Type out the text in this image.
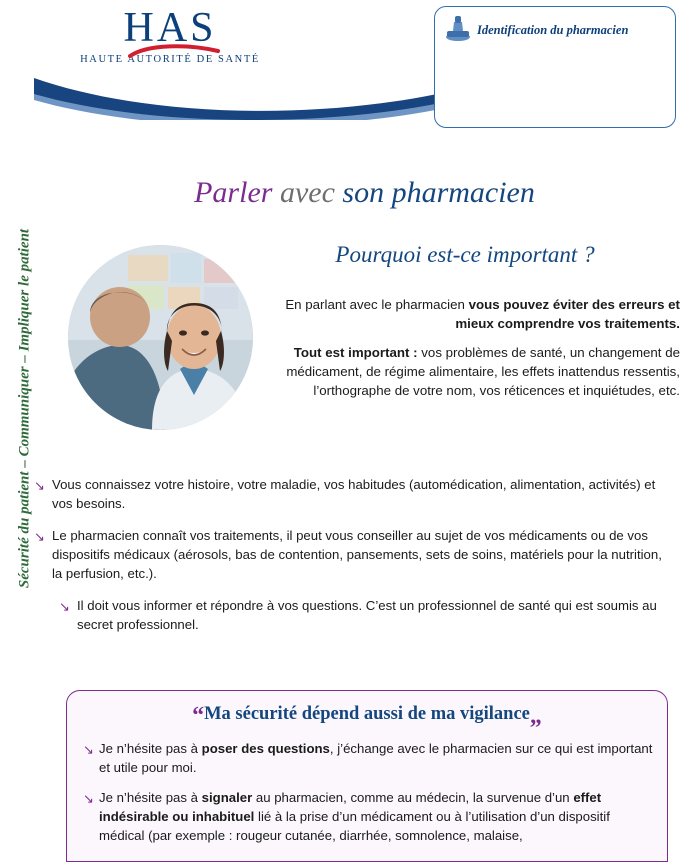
Sécurité du patient – Communiquer – Impliquer le patient
HAS
HAUTE AUTORITÉ DE SANTÉ
Identification du pharmacien
Parler avec son pharmacien
Pourquoi est-ce important ?

En parlant avec le pharmacien vous pouvez éviter des erreurs et mieux comprendre vos traitements.

Tout est important : vos problèmes de santé, un changement de médicament, de régime alimentaire, les effets inattendus ressentis, l’orthographe de votre nom, vos réticences et inquiétudes, etc.

↘ Vous connaissez votre histoire, votre maladie, vos habitudes (automédication, alimentation, activités) et vos besoins.
↘ Le pharmacien connaît vos traitements, il peut vous conseiller au sujet de vos médicaments ou de vos dispositifs médicaux (aérosols, bas de contention, pansements, sets de soins, matériels pour la nutrition, la perfusion, etc.).
↘ Il doit vous informer et répondre à vos questions. C’est un professionnel de santé qui est soumis au secret professionnel.
“Ma sécurité dépend aussi de ma vigilance„
↘ Je n’hésite pas à poser des questions, j’échange avec le pharmacien sur ce qui est important et utile pour moi.
↘ Je n’hésite pas à signaler au pharmacien, comme au médecin, la survenue d’un effet indésirable ou inhabituel lié à la prise d’un médicament ou à l’utilisation d’un dispositif médical (par exemple : rougeur cutanée, diarrhée, somnolence, malaise,
